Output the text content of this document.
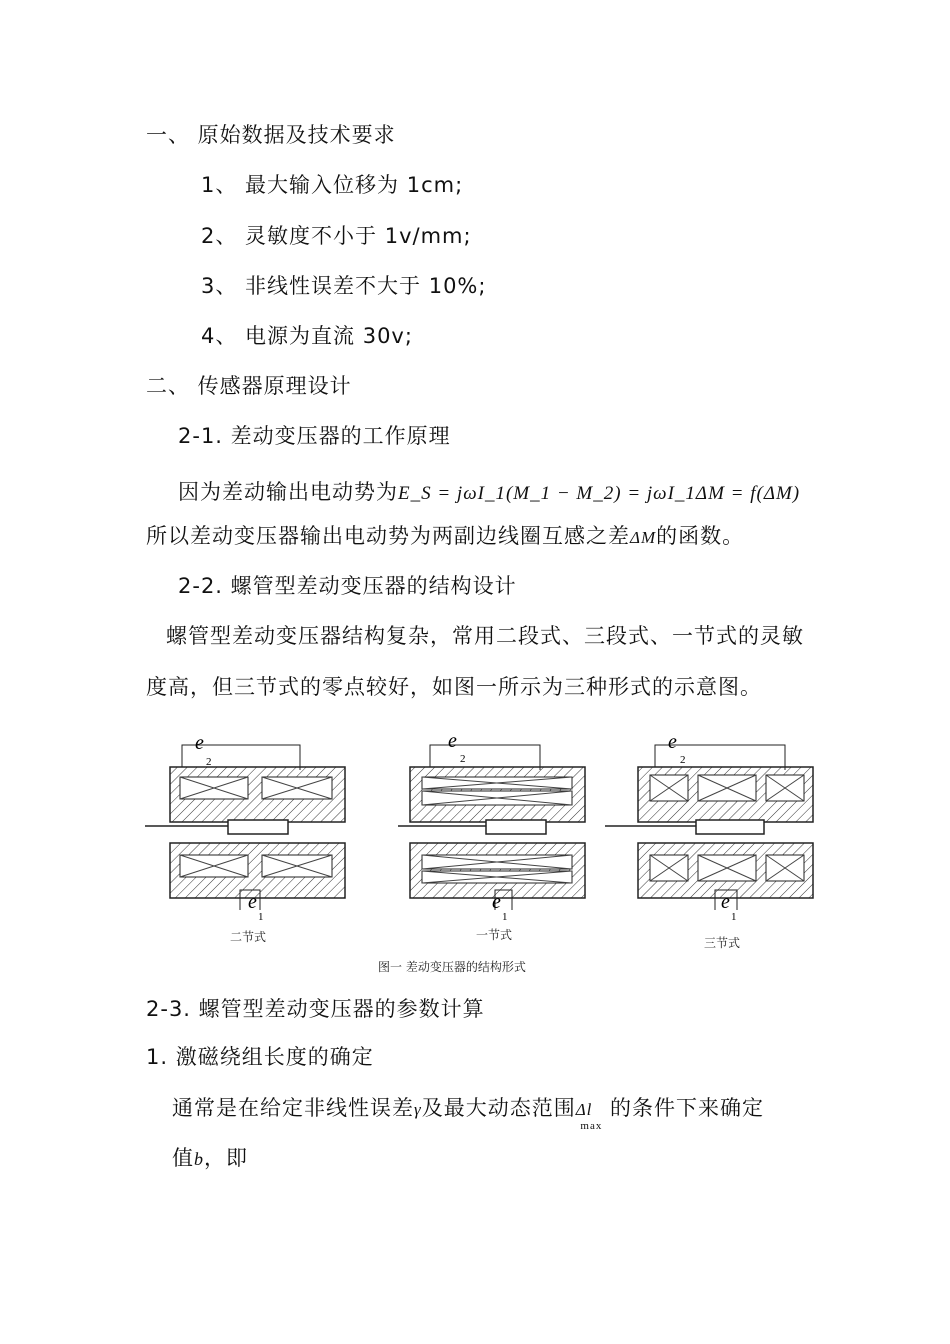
一、 原始数据及技术要求
1、 最大输入位移为 1cm;
2、 灵敏度不小于 1v/mm;
3、 非线性误差不大于 10%;
4、 电源为直流 30v;
二、 传感器原理设计
2-1. 差动变压器的工作原理
因为差动输出电动势为E_S = jωI_1(M_1 − M_2) = jωI_1ΔM = f(ΔM)
所以差动变压器输出电动势为两副边线圈互感之差ΔM的函数。
2-2. 螺管型差动变压器的结构设计
螺管型差动变压器结构复杂，常用二段式、三段式、一节式的灵敏
度高，但三节式的零点较好，如图一所示为三种形式的示意图。
e
2
e
1
e
2
e
1
e
2
e
1
二节式	一节式
三节式
图一 差动变压器的结构形式
2-3. 螺管型差动变压器的参数计算
1. 激磁绕组长度的确定
通常是在给定非线性误差γ及最大动态范围$\Delta l_{max}$ 的条件下来确定
值b，即
